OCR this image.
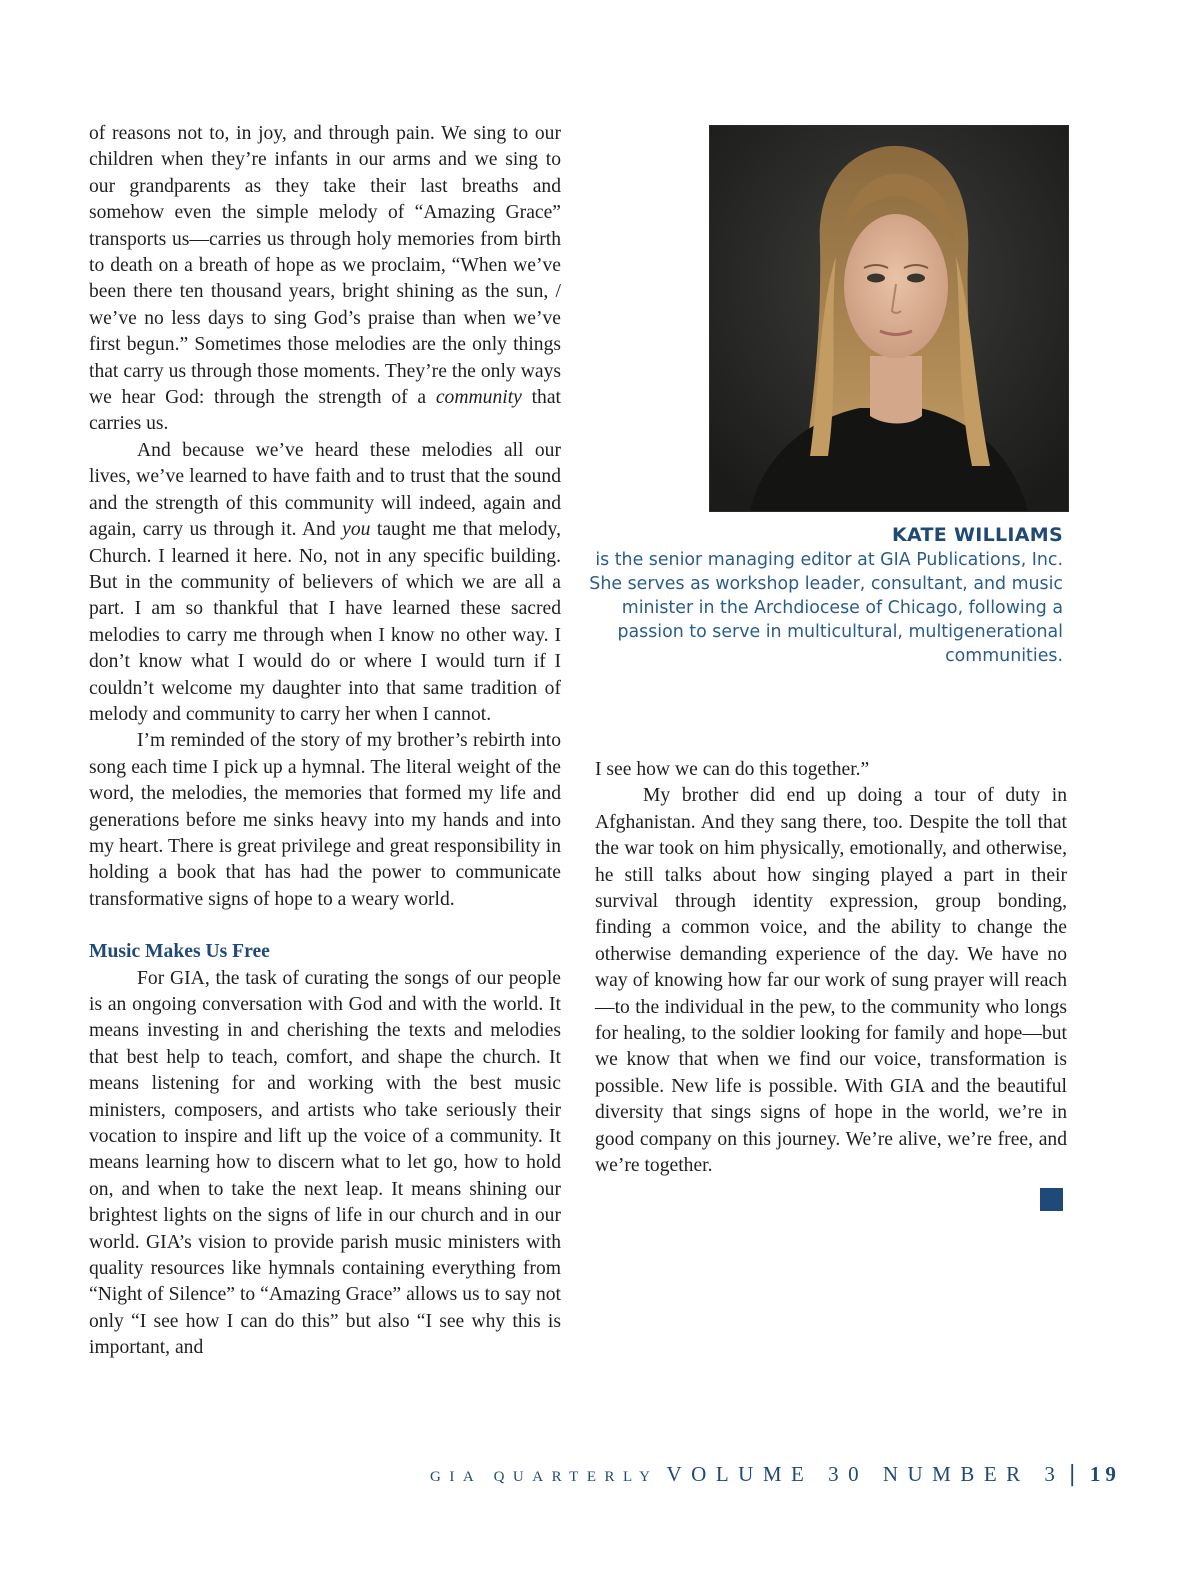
of reasons not to, in joy, and through pain. We sing to our children when they’re infants in our arms and we sing to our grandparents as they take their last breaths and somehow even the simple melody of “Amazing Grace” transports us—carries us through holy memories from birth to death on a breath of hope as we proclaim, “When we’ve been there ten thousand years, bright shining as the sun, / we’ve no less days to sing God’s praise than when we’ve first begun.” Sometimes those melodies are the only things that carry us through those moments. They’re the only ways we hear God: through the strength of a community that carries us.

And because we’ve heard these melodies all our lives, we’ve learned to have faith and to trust that the sound and the strength of this community will indeed, again and again, carry us through it. And you taught me that melody, Church. I learned it here. No, not in any specific building. But in the community of believers of which we are all a part. I am so thankful that I have learned these sacred melodies to carry me through when I know no other way. I don’t know what I would do or where I would turn if I couldn’t welcome my daughter into that same tradition of melody and community to carry her when I cannot.

I’m reminded of the story of my brother’s rebirth into song each time I pick up a hymnal. The literal weight of the word, the melodies, the memories that formed my life and generations before me sinks heavy into my hands and into my heart. There is great privilege and great responsibility in holding a book that has had the power to communicate transformative signs of hope to a weary world.

Music Makes Us Free

For GIA, the task of curating the songs of our people is an ongoing conversation with God and with the world. It means investing in and cherishing the texts and melodies that best help to teach, comfort, and shape the church. It means listening for and working with the best music ministers, composers, and artists who take seriously their vocation to inspire and lift up the voice of a community. It means learning how to discern what to let go, how to hold on, and when to take the next leap. It means shining our brightest lights on the signs of life in our church and in our world. GIA’s vision to provide parish music ministers with quality resources like hymnals containing everything from “Night of Silence” to “Amazing Grace” allows us to say not only “I see how I can do this” but also “I see why this is important, and

KATE WILLIAMS
is the senior managing editor at GIA Publications, Inc. She serves as workshop leader, consultant, and music minister in the Archdiocese of Chicago, following a passion to serve in multicultural, multigenerational communities.

I see how we can do this together.”

My brother did end up doing a tour of duty in Afghanistan. And they sang there, too. Despite the toll that the war took on him physically, emotionally, and otherwise, he still talks about how singing played a part in their survival through identity expression, group bonding, finding a common voice, and the ability to change the otherwise demanding experience of the day. We have no way of knowing how far our work of sung prayer will reach—to the individual in the pew, to the community who longs for healing, to the soldier looking for family and hope—but we know that when we find our voice, transformation is possible. New life is possible. With GIA and the beautiful diversity that sings signs of hope in the world, we’re in good company on this journey. We’re alive, we’re free, and we’re together.

GIA QUARTERLY VOLUME 30 NUMBER 3 | 19
